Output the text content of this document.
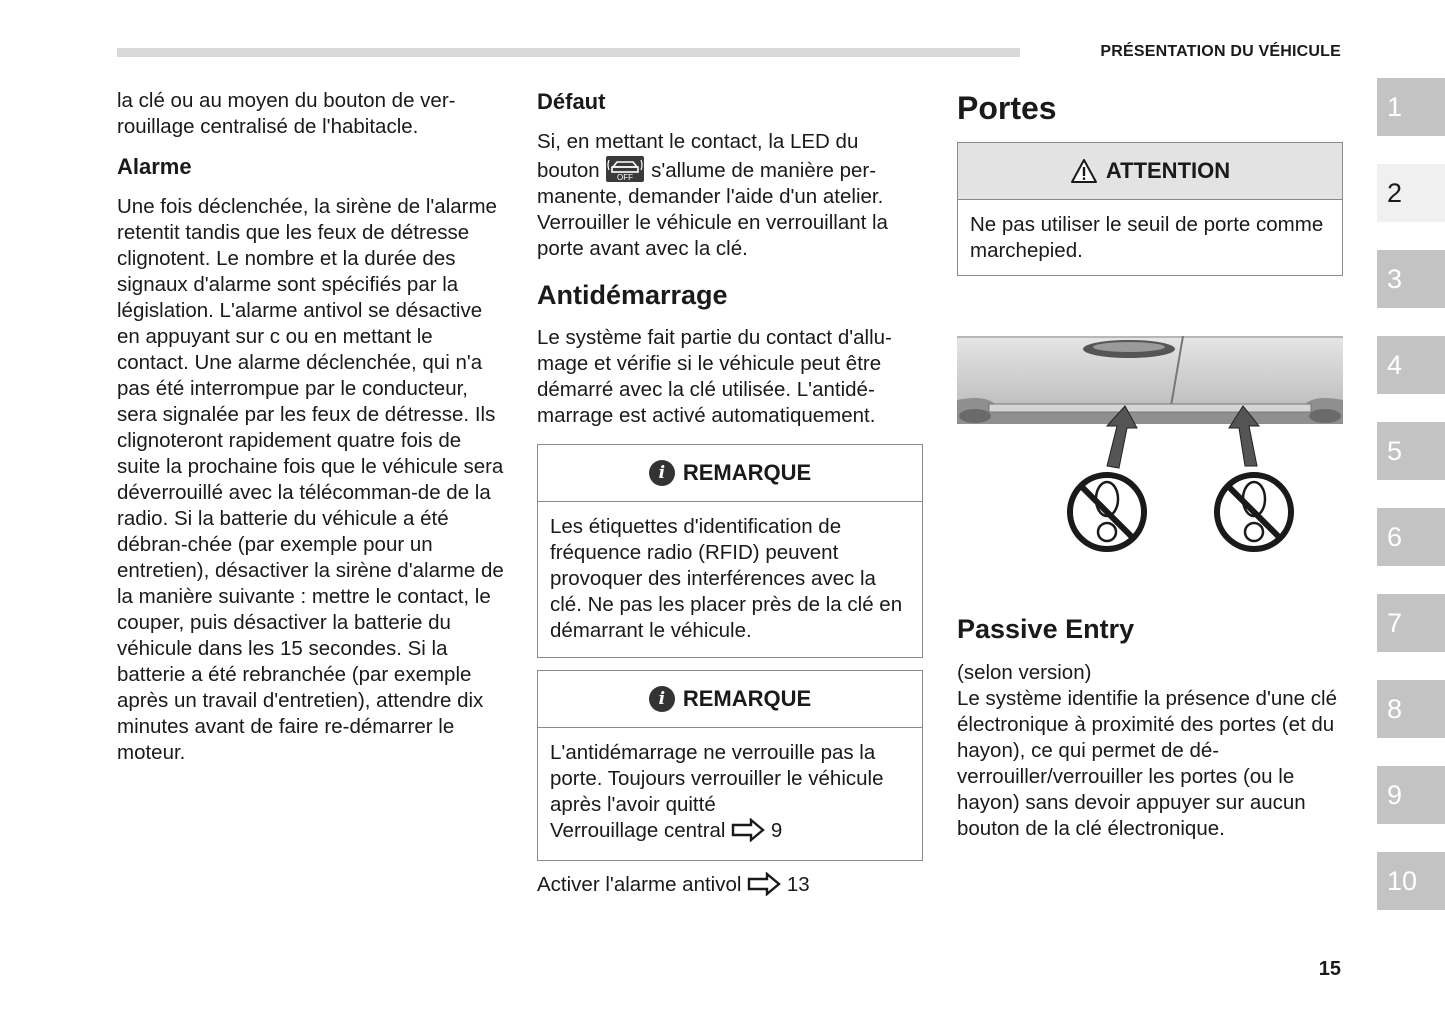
PRÉSENTATION DU VÉHICULE

la clé ou au moyen du bouton de ver-rouillage centralisé de l'habitacle.

Alarme

Une fois déclenchée, la sirène de l'alarme retentit tandis que les feux de détresse clignotent. Le nombre et la durée des signaux d'alarme sont spécifiés par la législation. L'alarme antivol se désactive en appuyant sur c ou en mettant le contact. Une alarme déclenchée, qui n'a pas été interrompue par le conducteur, sera signalée par les feux de détresse. Ils clignoteront rapidement quatre fois de suite la prochaine fois que le véhicule sera déverrouillé avec la télécomman-de de la radio. Si la batterie du véhicule a été débran-chée (par exemple pour un entretien), désactiver la sirène d'alarme de la manière suivante : mettre le contact, le couper, puis désactiver la batterie du véhicule dans les 15 secondes. Si la batterie a été rebranchée (par exemple après un travail d'entretien), attendre dix minutes avant de faire re-démarrer le moteur.

Défaut

Si, en mettant le contact, la LED du bouton OFF s'allume de manière per-manente, demander l'aide d'un atelier. Verrouiller le véhicule en verrouillant la porte avant avec la clé.

Antidémarrage

Le système fait partie du contact d'allu-mage et vérifie si le véhicule peut être démarré avec la clé utilisée. L'antidé-marrage est activé automatiquement.

i REMARQUE

Les étiquettes d'identification de fréquence radio (RFID) peuvent provoquer des interférences avec la clé. Ne pas les placer près de la clé en démarrant le véhicule.

i REMARQUE

L'antidémarrage ne verrouille pas la porte. Toujours verrouiller le véhicule après l'avoir quitté
Verrouillage central 9

Activer l'alarme antivol 13

Portes
ATTENTION

Ne pas utiliser le seuil de porte comme marchepied.

Passive Entry

(selon version)
Le système identifie la présence d'une clé électronique à proximité des portes (et du hayon), ce qui permet de dé-verrouiller/verrouiller les portes (ou le hayon) sans devoir appuyer sur aucun bouton de la clé électronique.

1
2
3
4
5
6
7
8
9
10
15
